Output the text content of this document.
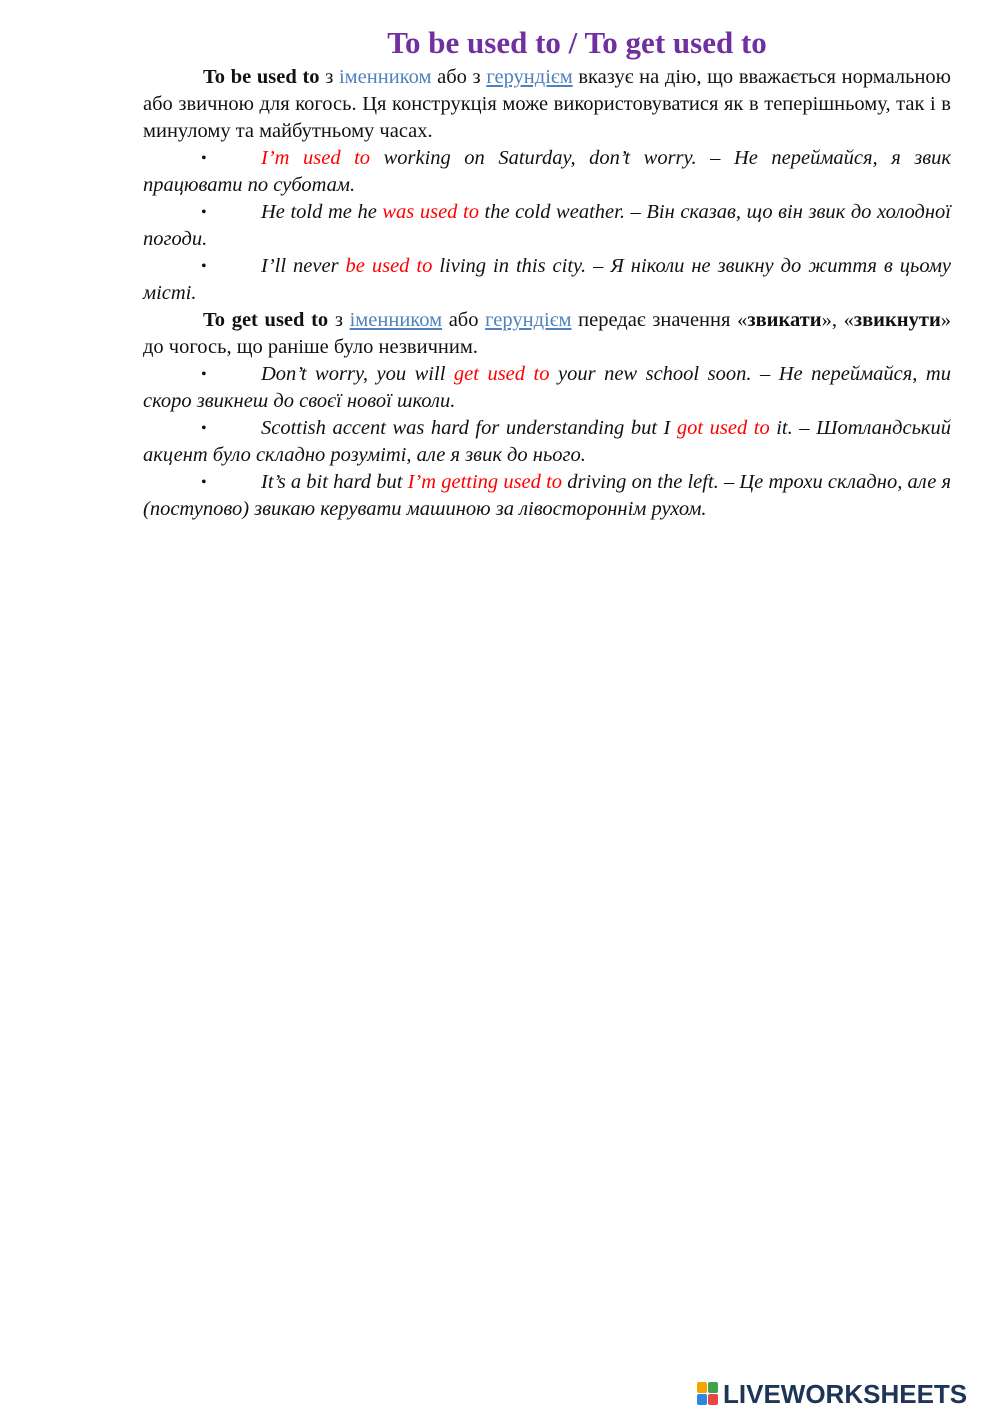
To be used to / To get used to

To be used to з іменником або з герундієм вказує на дію, що вважається нормальною або звичною для когось. Ця конструкція може використовуватися як в теперішньому, так і в минулому та майбутньому часах.

•	I’m used to working on Saturday, don’t worry. – Не переймайся, я звик працювати по суботам.

•	He told me he was used to the cold weather. – Він сказав, що він звик до холодної погоди.

•	I’ll never be used to living in this city. – Я ніколи не звикну до життя в цьому місті.

To get used to з іменником або герундієм передає значення «звикати», «звикнути» до чогось, що раніше було незвичним.

•	Don’t worry, you will get used to your new school soon. – Не переймайся, ти скоро звикнеш до своєї нової школи.

•	Scottish accent was hard for understanding but I got used to it. – Шотландський акцент було складно розуміті, але я звик до нього.

•	It’s a bit hard but I’m getting used to driving on the left. – Це трохи складно, але я (поступово) звикаю керувати машиною за лівостороннім рухом.

LIVEWORKSHEETS
